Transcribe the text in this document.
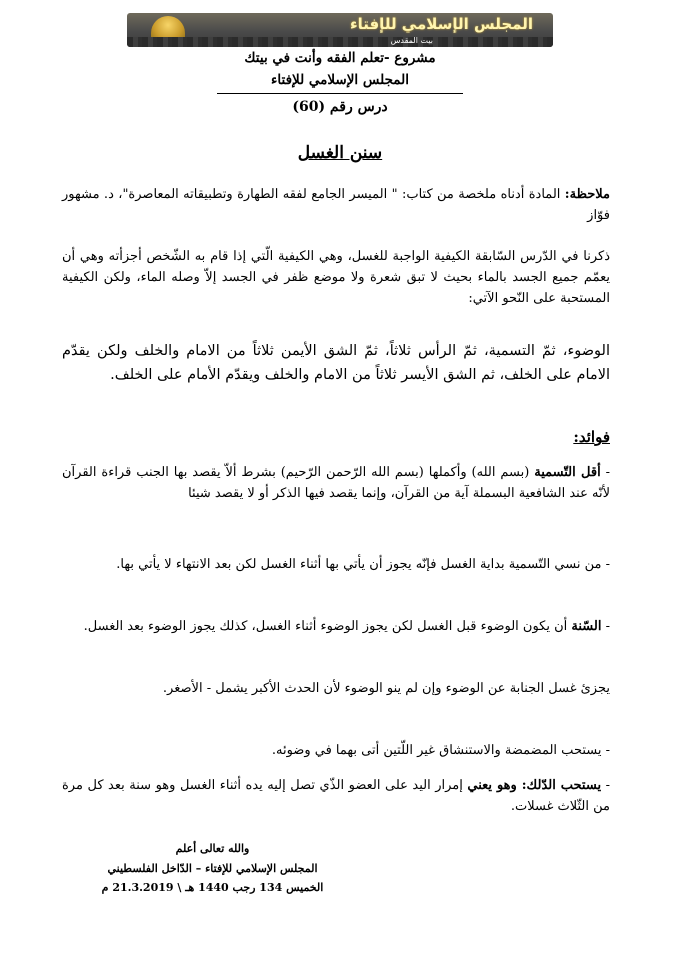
المجلس الإسلامي للإفتاء
بيت المقدس
مشروع -تعلم الفقه وأنت في بيتك
المجلس الإسلامي للإفتاء
درس رقم (60)
سنن الغسل
ملاحظة: المادة أدناه ملخصة من كتاب: " الميسر الجامع لفقه الطهارة وتطبيقاته المعاصرة"، د. مشهور فوّاز
ذكرنا في الدّرس السّابقة الكيفية الواجبة للغسل، وهي الكيفية الّتي إذا قام به الشّخص أجزأته وهي أن يعمّم جميع الجسد بالماء بحيث لا تبق شعرة ولا موضع ظفر في الجسد إلاّ وصله الماء، ولكن الكيفية المستحبة على النّحو الآتي:
الوضوء، ثمّ التسمية، ثمّ الرأس ثلاثاً، ثمّ الشق الأيمن ثلاثاً من الامام والخلف ولكن يقدّم الامام على الخلف، ثم الشق الأيسر ثلاثاً من الامام والخلف ويقدّم الأمام على الخلف.
فوائد:
- أقل التّسمية (بسم الله) وأكملها (بسم الله الرّحمن الرّحيم) بشرط ألاّ يقصد بها الجنب قراءة القرآن لأنّه عند الشافعية البسملة آية من القرآن، وإنما يقصد فيها الذكر أو لا يقصد شيئا
- من نسي التّسمية بداية الغسل فإنّه يجوز أن يأتي بها أثناء الغسل لكن بعد الانتهاء لا يأتي بها.
- السّنة أن يكون الوضوء قبل الغسل لكن يجوز الوضوء أثناء الغسل، كذلك يجوز الوضوء بعد الغسل.
يجزئ غسل الجنابة عن الوضوء وإن لم ينو الوضوء لأن الحدث الأكبر يشمل - الأصغر.
- يستحب المضمضة والاستنشاق غير اللّتين أتى بهما في وضوئه.
- يستحب الدّلك: وهو يعني إمرار اليد على العضو الذّي تصل إليه يده أثناء الغسل وهو سنة بعد كل مرة من الثّلاث غسلات.
والله تعالى أعلم
المجلس الإسلامي للإفتاء – الدّاخل الفلسطيني
الخميس 134 رجب 1440 هـ \ 21.3.2019 م
